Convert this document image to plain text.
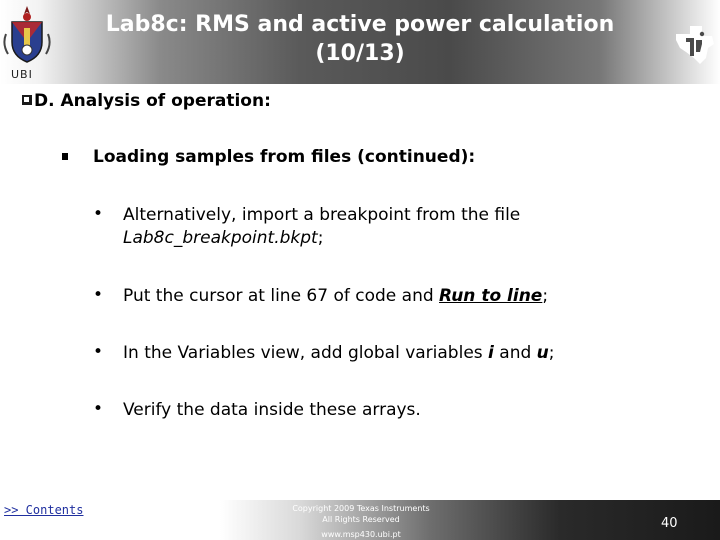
UBI
Lab8c: RMS and active power calculation
(10/13)
D. Analysis of operation:
Loading samples from files (continued):
• Alternatively, import a breakpoint from the file
Lab8c_breakpoint.bkpt;
• Put the cursor at line 67 of code and Run to line;
• In the Variables view, add global variables i and u;
• Verify the data inside these arrays.
>> Contents	Copyright 2009 Texas Instruments
All Rights Reserved
www.msp430.ubi.pt
40
